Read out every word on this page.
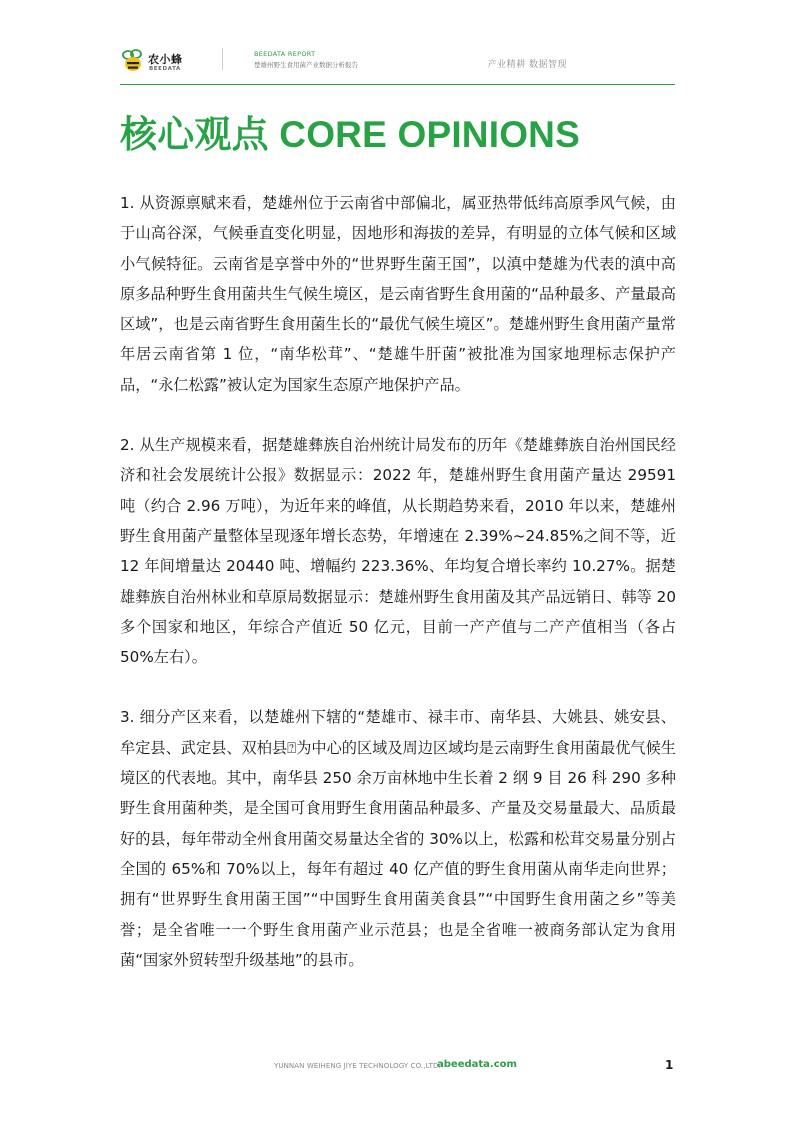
农小蜂
BEEDATA
BEEDATA REPORT
楚雄州野生食用菌产业数据分析报告	产业精耕 数据智现
核心观点 CORE OPINIONS

1. 从资源禀赋来看，楚雄州位于云南省中部偏北，属亚热带低纬高原季风气候，由于山高谷深，气候垂直变化明显，因地形和海拔的差异，有明显的立体气候和区域小气候特征。云南省是享誉中外的“世界野生菌王国”，以滇中楚雄为代表的滇中高原多品种野生食用菌共生气候生境区，是云南省野生食用菌的“品种最多、产量最高区域”，也是云南省野生食用菌生长的“最优气候生境区”。楚雄州野生食用菌产量常年居云南省第 1 位，“南华松茸”、“楚雄牛肝菌”被批准为国家地理标志保护产品，“永仁松露”被认定为国家生态原产地保护产品。

2. 从生产规模来看，据楚雄彝族自治州统计局发布的历年《楚雄彝族自治州国民经济和社会发展统计公报》数据显示：2022 年，楚雄州野生食用菌产量达 29591 吨（约合 2.96 万吨），为近年来的峰值，从长期趋势来看，2010 年以来，楚雄州野生食用菌产量整体呈现逐年增长态势，年增速在 2.39%~24.85%之间不等，近 12 年间增量达 20440 吨、增幅约 223.36%、年均复合增长率约 10.27%。据楚雄彝族自治州林业和草原局数据显示：楚雄州野生食用菌及其产品远销日、韩等 20 多个国家和地区，年综合产值近 50 亿元，目前一产产值与二产产值相当（各占 50%左右）。

3. 细分产区来看，以楚雄州下辖的“楚雄市、禄丰市、南华县、大姚县、姚安县、牟定县、武定县、双柏县⍰为中心的区域及周边区域均是云南野生食用菌最优气候生境区的代表地。其中，南华县 250 余万亩林地中生长着 2 纲 9 目 26 科 290 多种野生食用菌种类，是全国可食用野生食用菌品种最多、产量及交易量最大、品质最好的县，每年带动全州食用菌交易量达全省的 30%以上，松露和松茸交易量分别占全国的 65%和 70%以上，每年有超过 40 亿产值的野生食用菌从南华走向世界；拥有“世界野生食用菌王国”“中国野生食用菌美食县”“中国野生食用菌之乡”等美誉；是全省唯一一个野生食用菌产业示范县；也是全省唯一被商务部认定为食用菌“国家外贸转型升级基地”的县市。

YUNNAN WEIHENG JIYE TECHNOLOGY CO.,LTD.
abeedata.com	1
